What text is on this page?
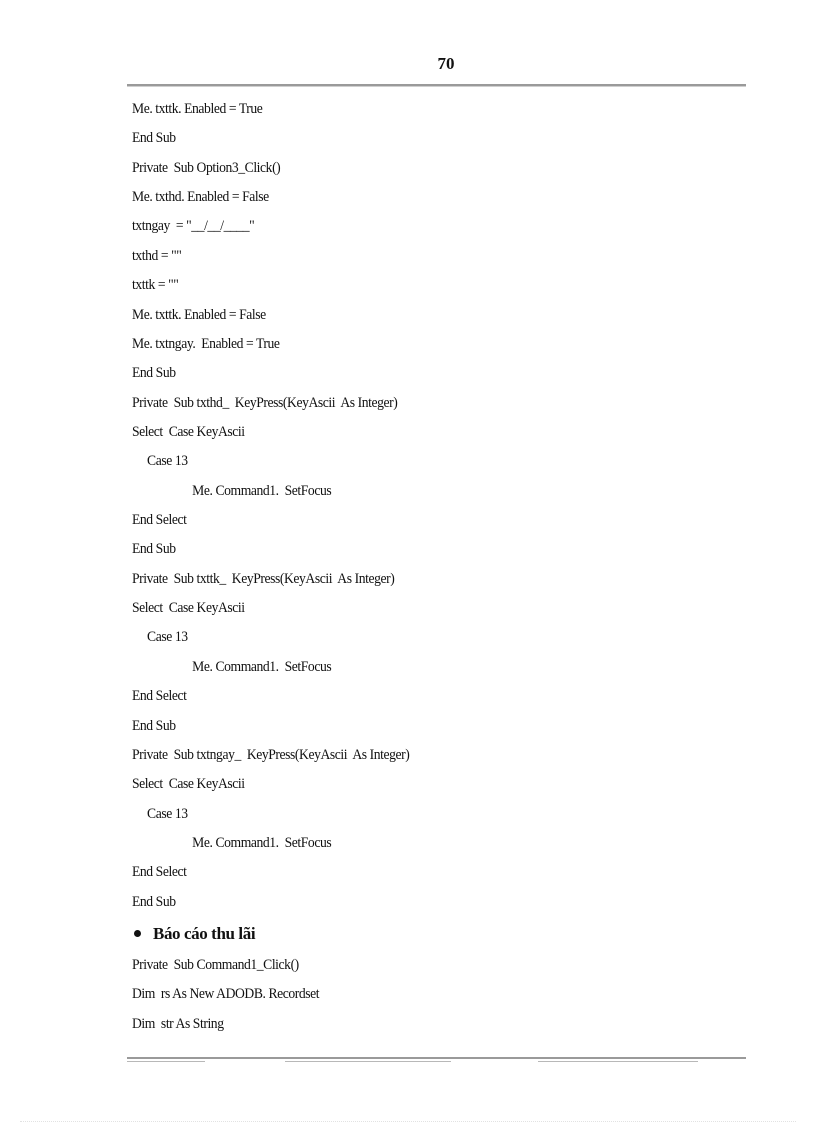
70
Me. txttk. Enabled = True
End Sub
Private  Sub Option3_Click()
Me. txthd. Enabled = False
txtngay  = "__/__/____"
txthd = ""
txttk = ""
Me. txttk. Enabled = False
Me. txtngay.  Enabled = True
End Sub
Private  Sub txthd_  KeyPress(KeyAscii  As Integer)
Select  Case KeyAscii
Case 13
Me. Command1.  SetFocus
End Select
End Sub
Private  Sub txttk_  KeyPress(KeyAscii  As Integer)
Select  Case KeyAscii
Case 13
Me. Command1.  SetFocus
End Select
End Sub
Private  Sub txtngay_  KeyPress(KeyAscii  As Integer)
Select  Case KeyAscii
Case 13
Me. Command1.  SetFocus
End Select
End Sub
Báo cáo thu lãi
Private  Sub Command1_Click()
Dim  rs As New ADODB. Recordset
Dim  str As String
